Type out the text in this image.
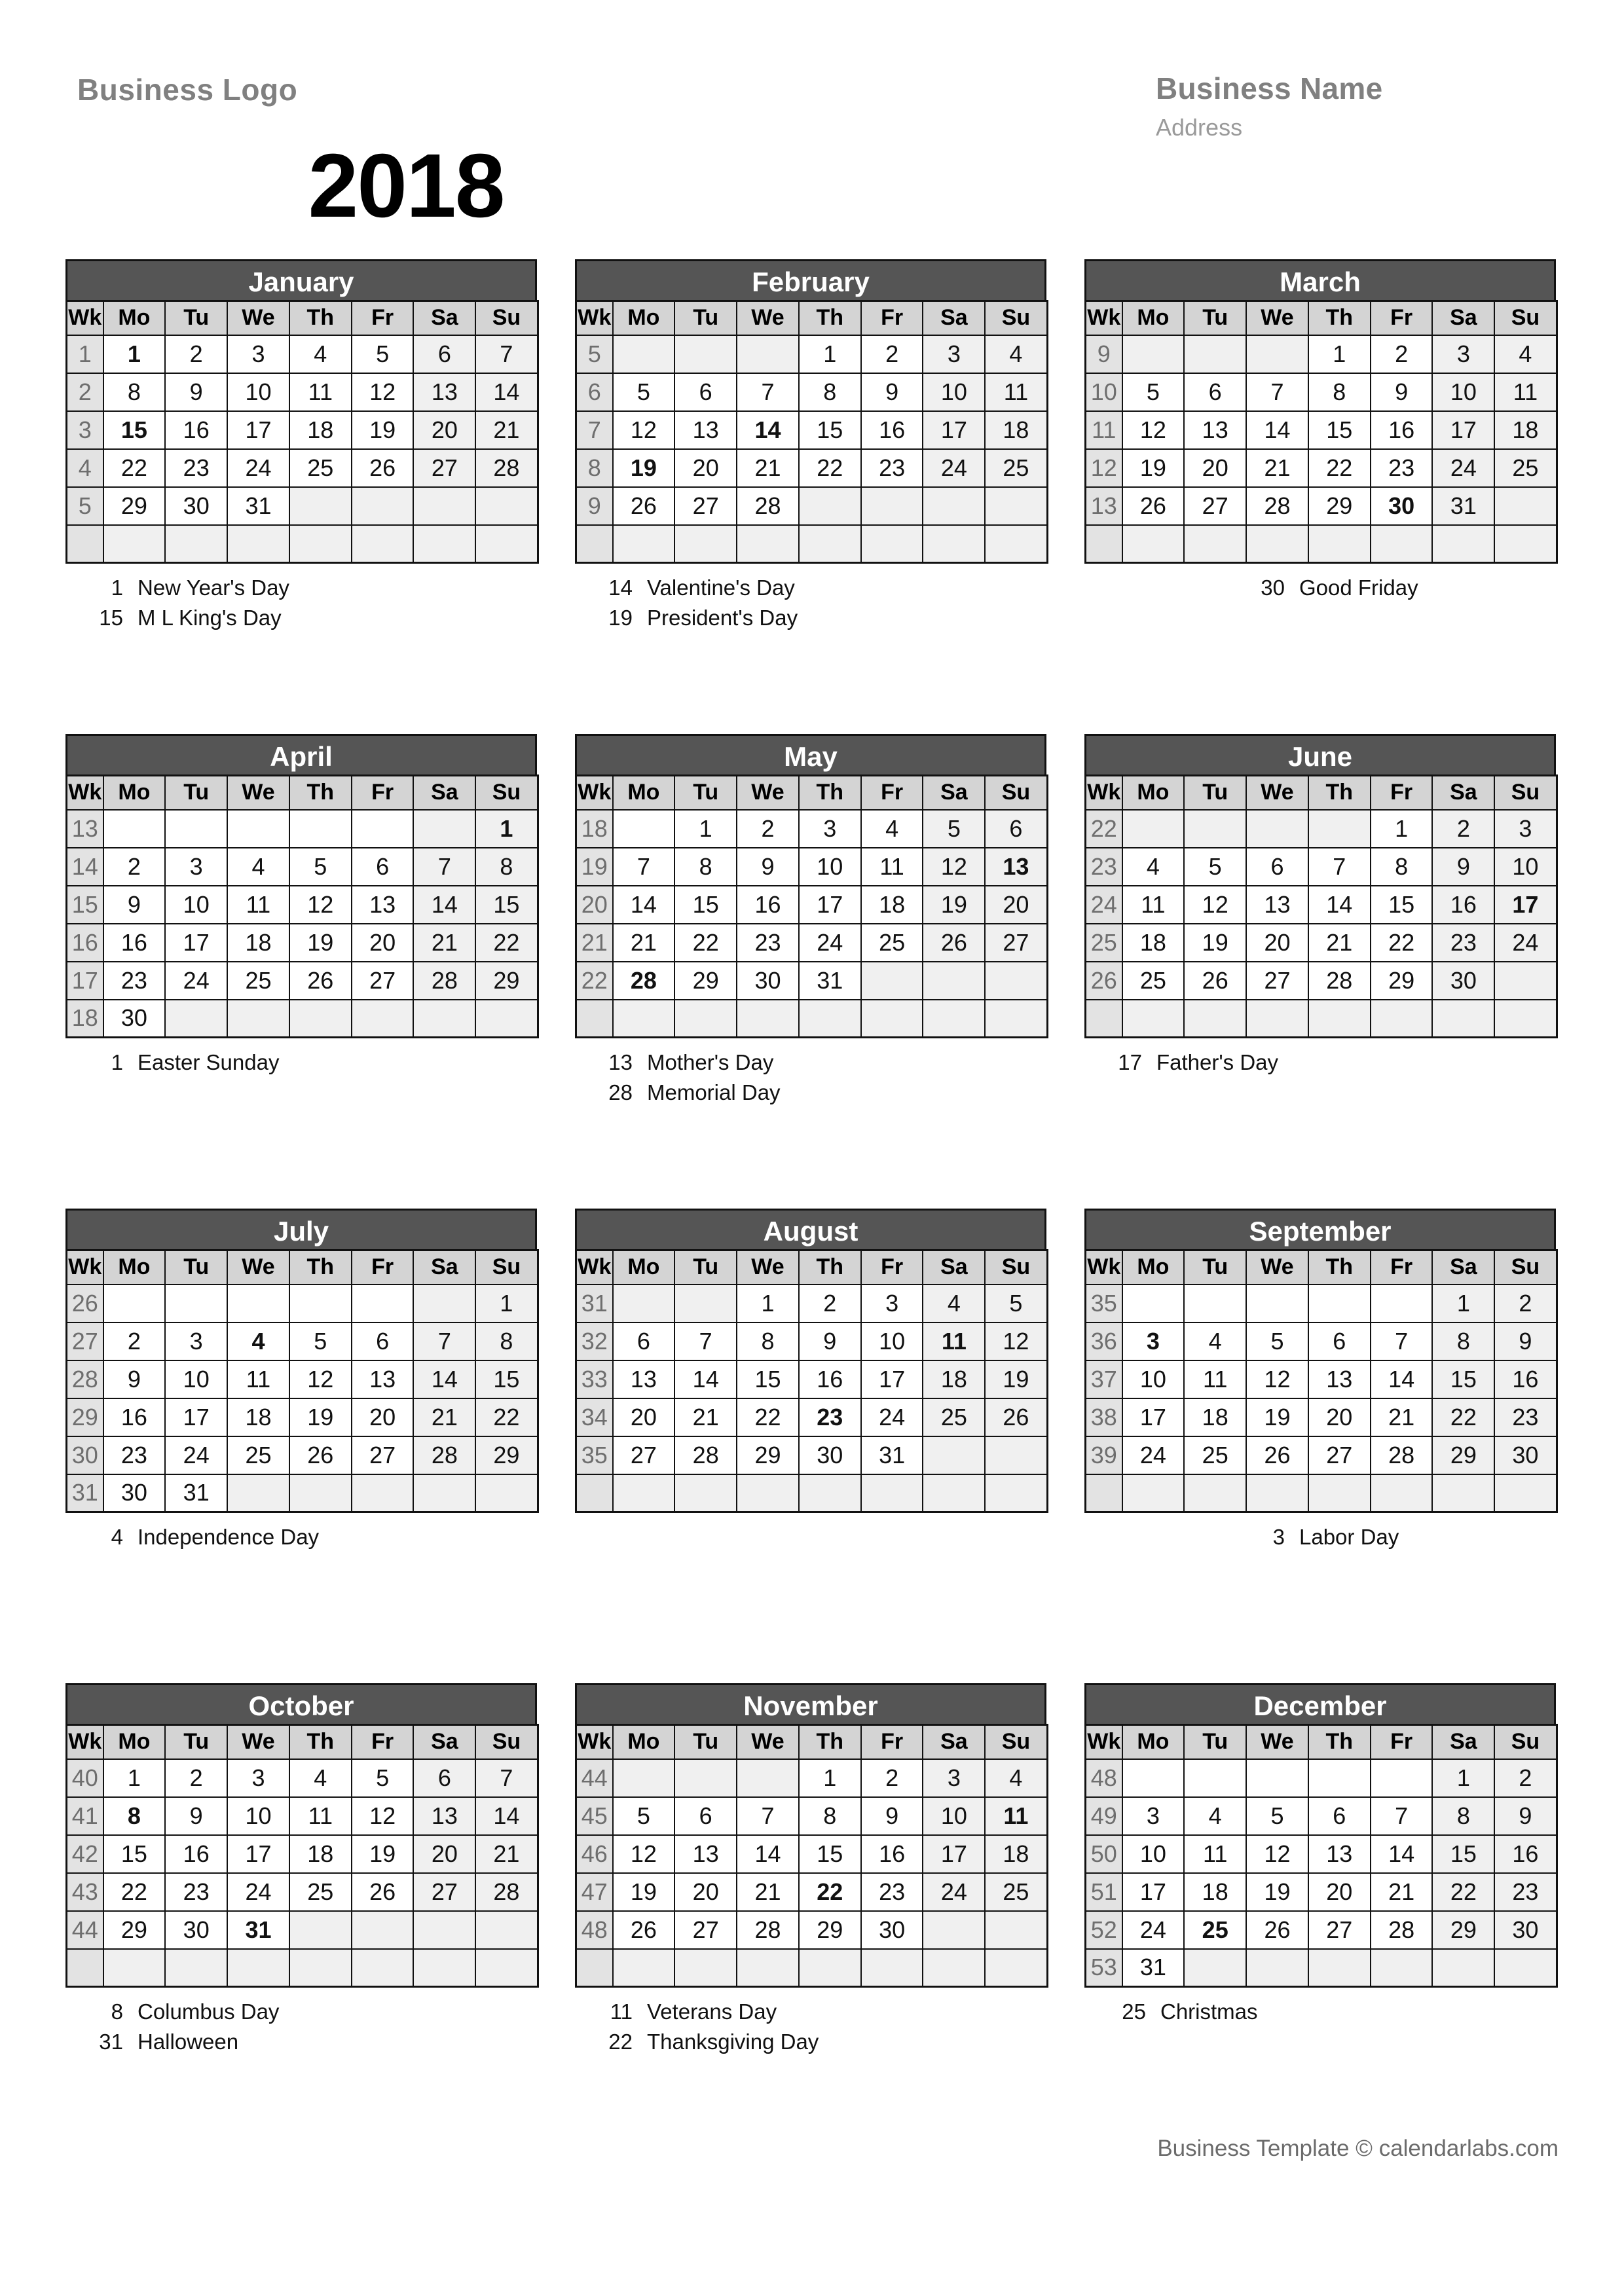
Business Logo	Business Name
Address
2018
January
Wk	Mo	Tu	We	Th	Fr	Sa	Su
1	1	2	3	4	5	6	7
2	8	9	10	11	12	13	14
3	15	16	17	18	19	20	21
4	22	23	24	25	26	27	28
5	29	30	31				

1 New Year's Day
15 M L King's Day
February
Wk	Mo	Tu	We	Th	Fr	Sa	Su
5				1	2	3	4
6	5	6	7	8	9	10	11
7	12	13	14	15	16	17	18
8	19	20	21	22	23	24	25
9	26	27	28				

14 Valentine's Day
19 President's Day
March
Wk	Mo	Tu	We	Th	Fr	Sa	Su
9				1	2	3	4
10	5	6	7	8	9	10	11
11	12	13	14	15	16	17	18
12	19	20	21	22	23	24	25
13	26	27	28	29	30	31	

30 Good Friday
April
Wk	Mo	Tu	We	Th	Fr	Sa	Su
13							1
14	2	3	4	5	6	7	8
15	9	10	11	12	13	14	15
16	16	17	18	19	20	21	22
17	23	24	25	26	27	28	29
18	30						
1 Easter Sunday
May
Wk	Mo	Tu	We	Th	Fr	Sa	Su
18		1	2	3	4	5	6
19	7	8	9	10	11	12	13
20	14	15	16	17	18	19	20
21	21	22	23	24	25	26	27
22	28	29	30	31			

13 Mother's Day
28 Memorial Day
June
Wk	Mo	Tu	We	Th	Fr	Sa	Su
22					1	2	3
23	4	5	6	7	8	9	10
24	11	12	13	14	15	16	17
25	18	19	20	21	22	23	24
26	25	26	27	28	29	30	

17 Father's Day
July
Wk	Mo	Tu	We	Th	Fr	Sa	Su
26							1
27	2	3	4	5	6	7	8
28	9	10	11	12	13	14	15
29	16	17	18	19	20	21	22
30	23	24	25	26	27	28	29
31	30	31					
4 Independence Day
August
Wk	Mo	Tu	We	Th	Fr	Sa	Su
31			1	2	3	4	5
32	6	7	8	9	10	11	12
33	13	14	15	16	17	18	19
34	20	21	22	23	24	25	26
35	27	28	29	30	31		

September
Wk	Mo	Tu	We	Th	Fr	Sa	Su
35						1	2
36	3	4	5	6	7	8	9
37	10	11	12	13	14	15	16
38	17	18	19	20	21	22	23
39	24	25	26	27	28	29	30

3 Labor Day
October
Wk	Mo	Tu	We	Th	Fr	Sa	Su
40	1	2	3	4	5	6	7
41	8	9	10	11	12	13	14
42	15	16	17	18	19	20	21
43	22	23	24	25	26	27	28
44	29	30	31				

8 Columbus Day
31 Halloween
November
Wk	Mo	Tu	We	Th	Fr	Sa	Su
44				1	2	3	4
45	5	6	7	8	9	10	11
46	12	13	14	15	16	17	18
47	19	20	21	22	23	24	25
48	26	27	28	29	30		

11 Veterans Day
22 Thanksgiving Day
December
Wk	Mo	Tu	We	Th	Fr	Sa	Su
48						1	2
49	3	4	5	6	7	8	9
50	10	11	12	13	14	15	16
51	17	18	19	20	21	22	23
52	24	25	26	27	28	29	30
53	31						
25 Christmas
Business Template © calendarlabs.com
